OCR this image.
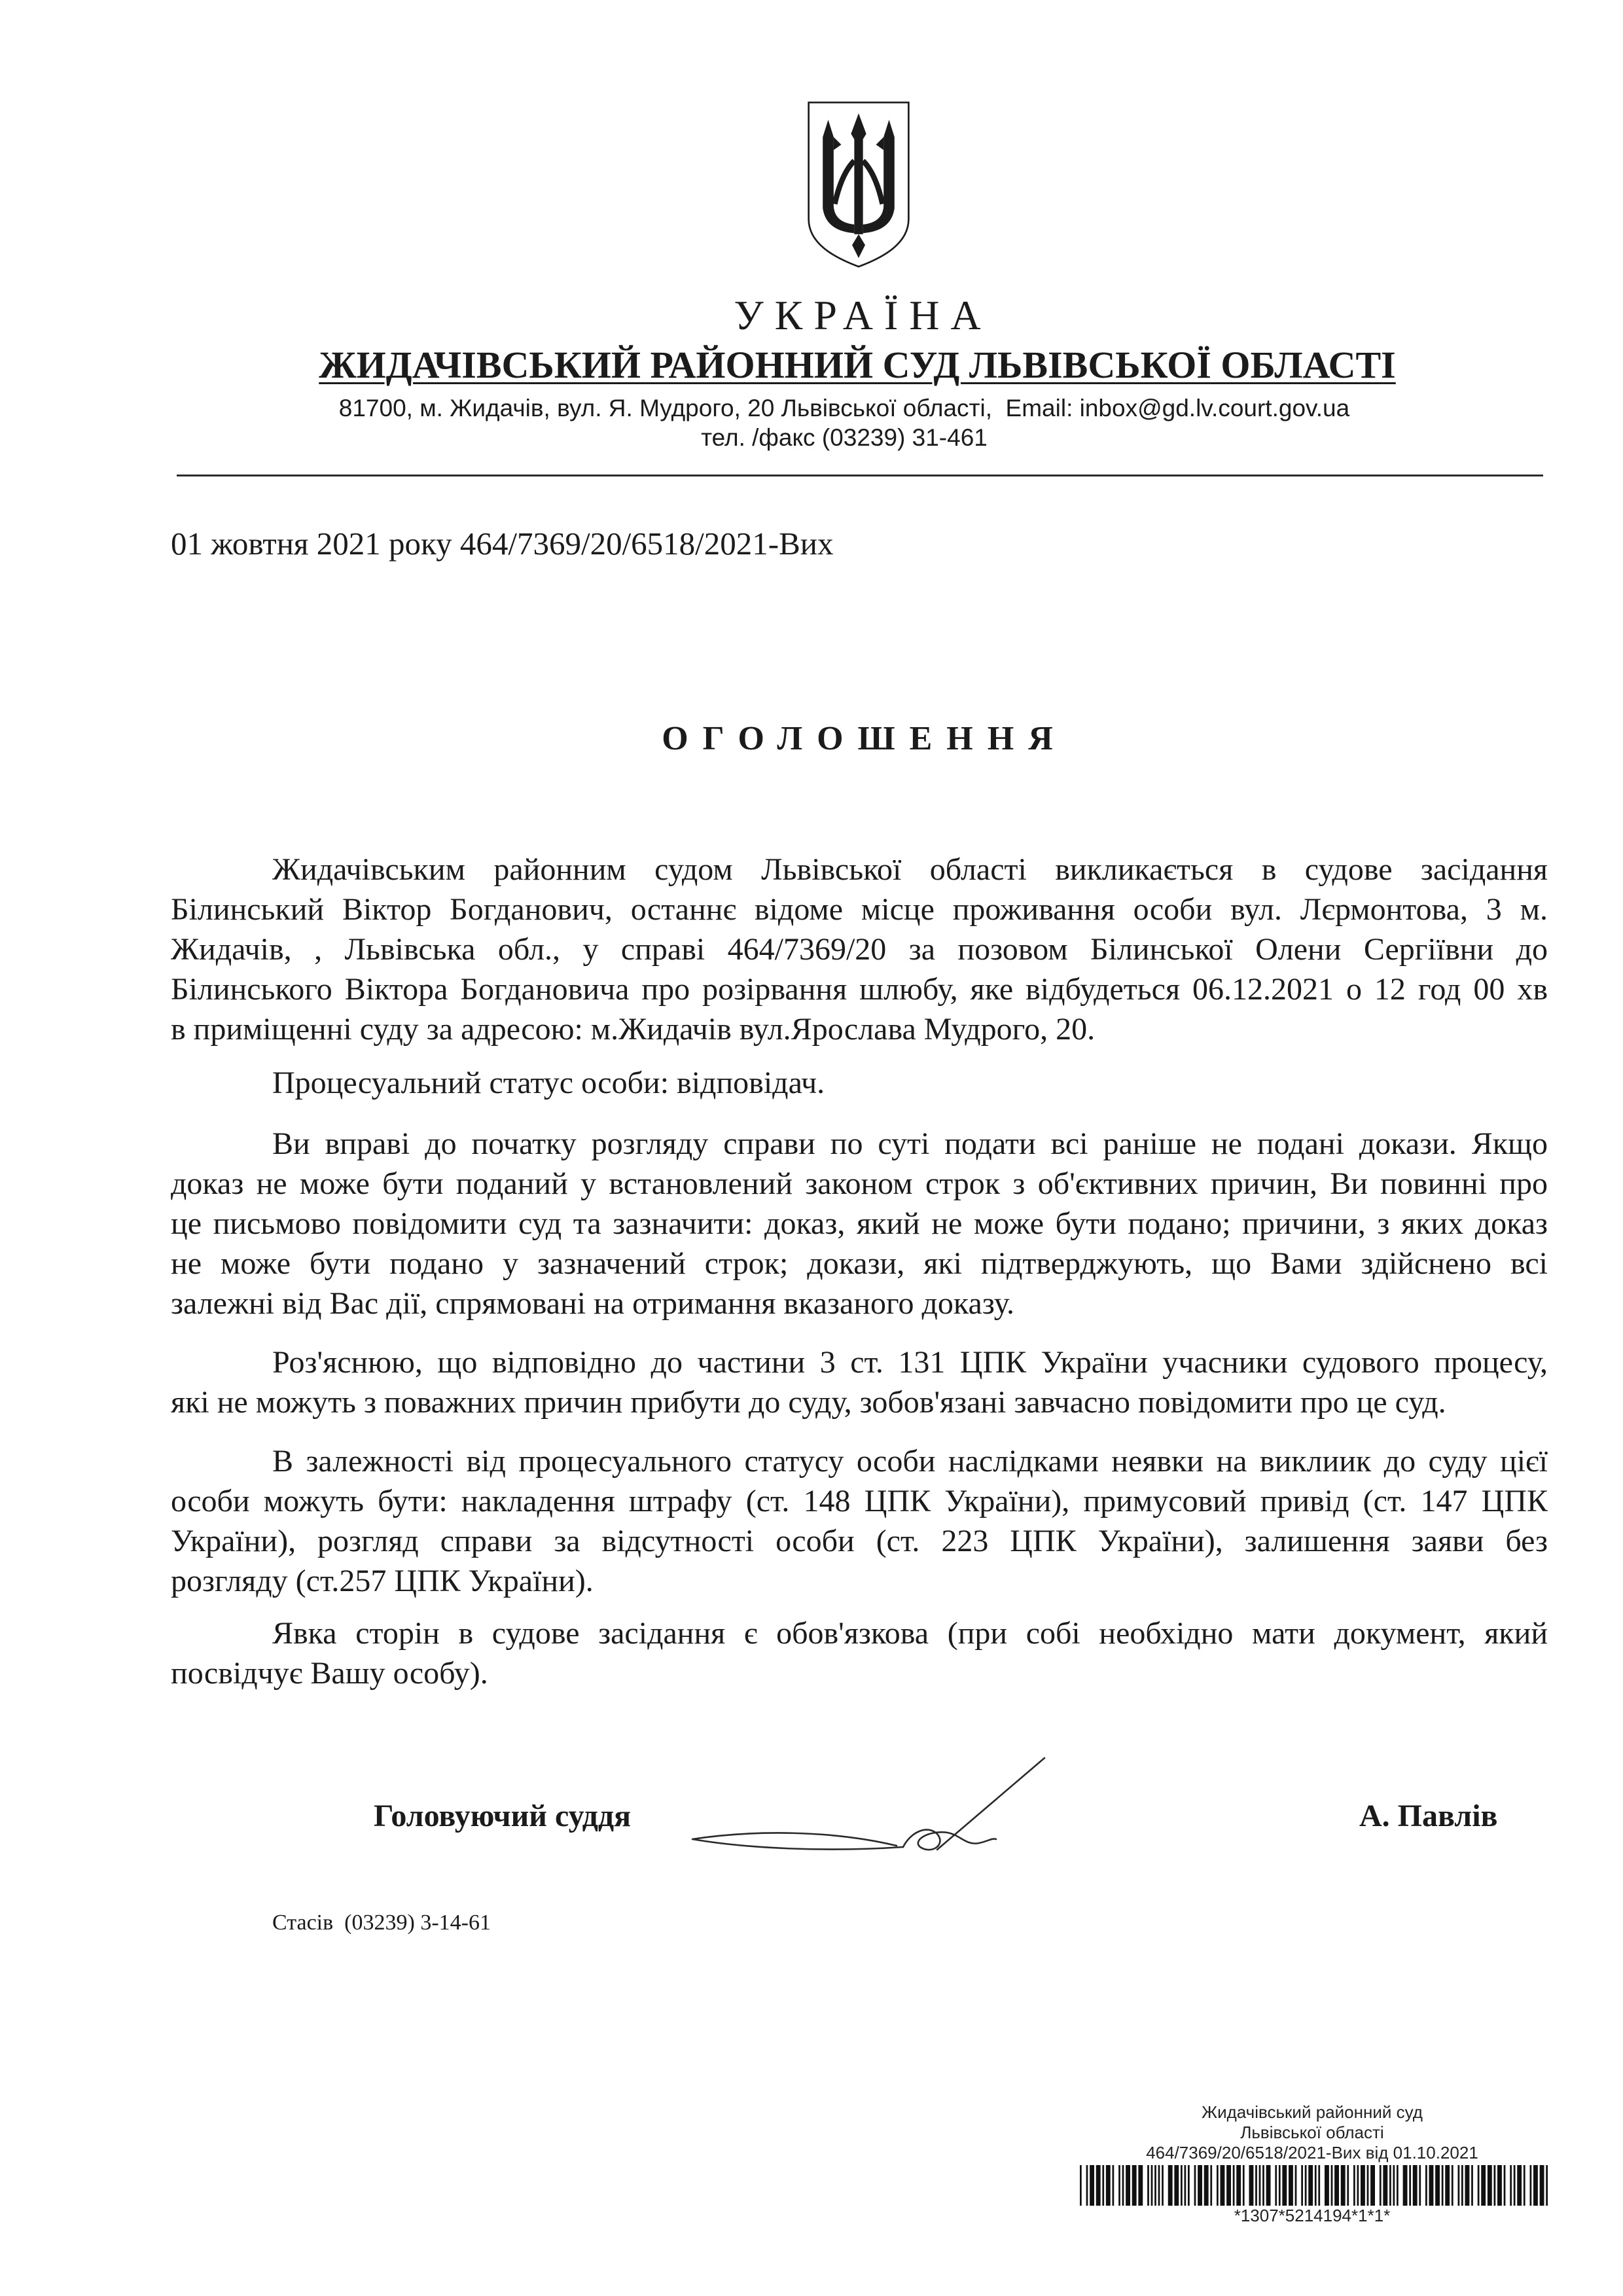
УКРАЇНА
ЖИДАЧІВСЬКИЙ РАЙОННИЙ СУД ЛЬВІВСЬКОЇ ОБЛАСТІ
81700, м. Жидачів, вул. Я. Мудрого, 20 Львівської області,  Email: inbox@gd.lv.court.gov.ua
тел. /факс (03239) 31-461
01 жовтня 2021 року 464/7369/20/6518/2021-Вих
ОГОЛОШЕННЯ
Жидачівським районним судом Львівської області викликається в судове засідання
Білинський Віктор Богданович, останнє відоме місце проживання особи вул. Лєрмонтова, 3 м.
Жидачів, , Львівська обл., у справі 464/7369/20 за позовом Білинської Олени Сергіївни до
Білинського Віктора Богдановича про розірвання шлюбу, яке відбудеться 06.12.2021 о 12 год 00 хв
в приміщенні суду за адресою: м.Жидачів вул.Ярослава Мудрого, 20.
Процесуальний статус особи: відповідач.
Ви вправі до початку розгляду справи по суті подати всі раніше не подані докази. Якщо
доказ не може бути поданий у встановлений законом строк з об'єктивних причин, Ви повинні про
це письмово повідомити суд та зазначити: доказ, який не може бути подано; причини, з яких доказ
не може бути подано у зазначений строк; докази, які підтверджують, що Вами здійснено всі
залежні від Вас дії, спрямовані на отримання вказаного доказу.
Роз'яснюю, що відповідно до частини 3 ст. 131 ЦПК України учасники судового процесу,
які не можуть з поважних причин прибути до суду, зобов'язані завчасно повідомити про це суд.
В залежності від процесуального статусу особи наслідками неявки на виклиик до суду цієї
особи можуть бути: накладення штрафу (ст. 148 ЦПК України), примусовий привід (ст. 147 ЦПК
України), розгляд справи за відсутності особи (ст. 223 ЦПК України), залишення заяви без
розгляду (ст.257 ЦПК України).
Явка сторін в судове засідання є обов'язкова (при собі необхідно мати документ, який
посвідчує Вашу особу).
Головуючий суддя	А. Павлів
Стасів  (03239) 3-14-61
Жидачівський районний суд
Львівської області
464/7369/20/6518/2021-Вих від 01.10.2021
*1307*5214194*1*1*
